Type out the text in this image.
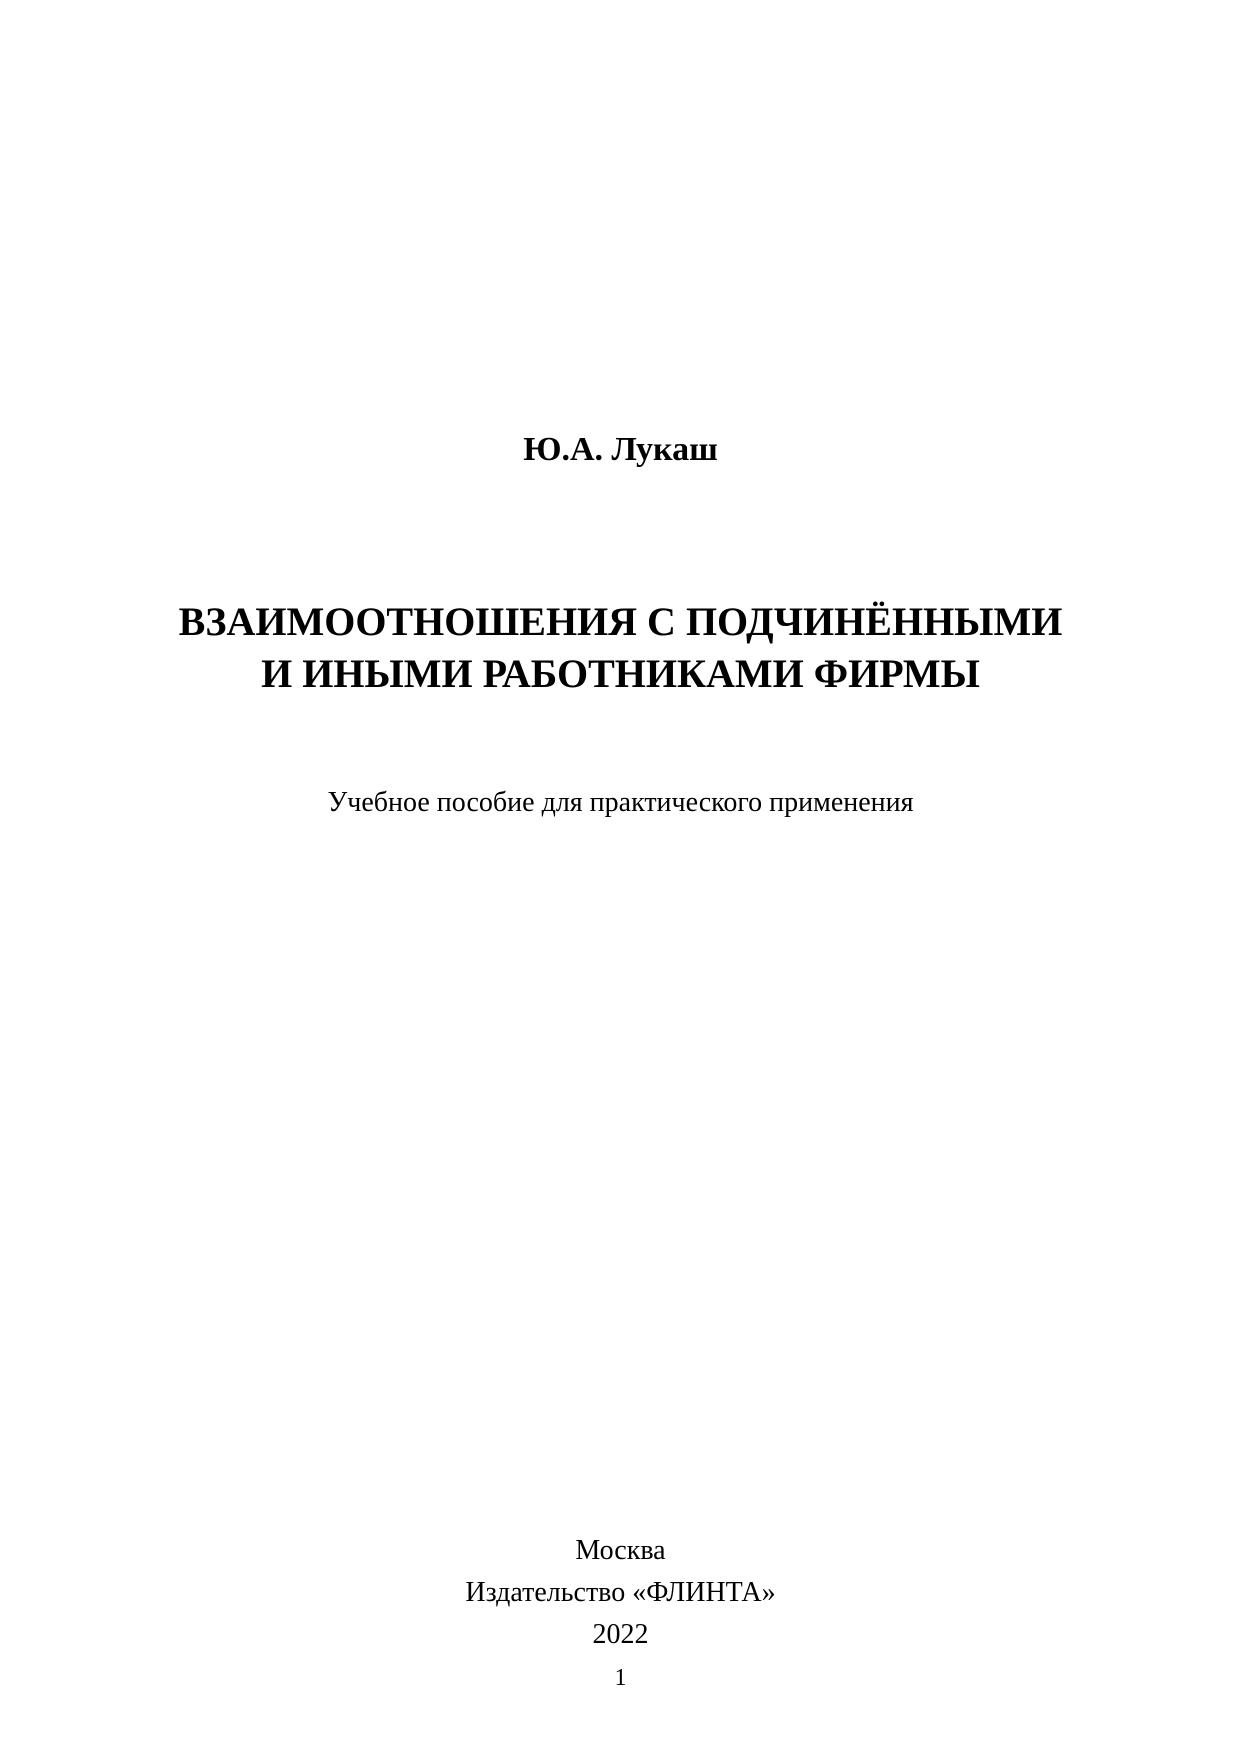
Ю.А. Лукаш
ВЗАИМООТНОШЕНИЯ С ПОДЧИНЁННЫМИ
И ИНЫМИ РАБОТНИКАМИ ФИРМЫ
Учебное пособие для практического применения
Москва
Издательство «ФЛИНТА»
2022
1
